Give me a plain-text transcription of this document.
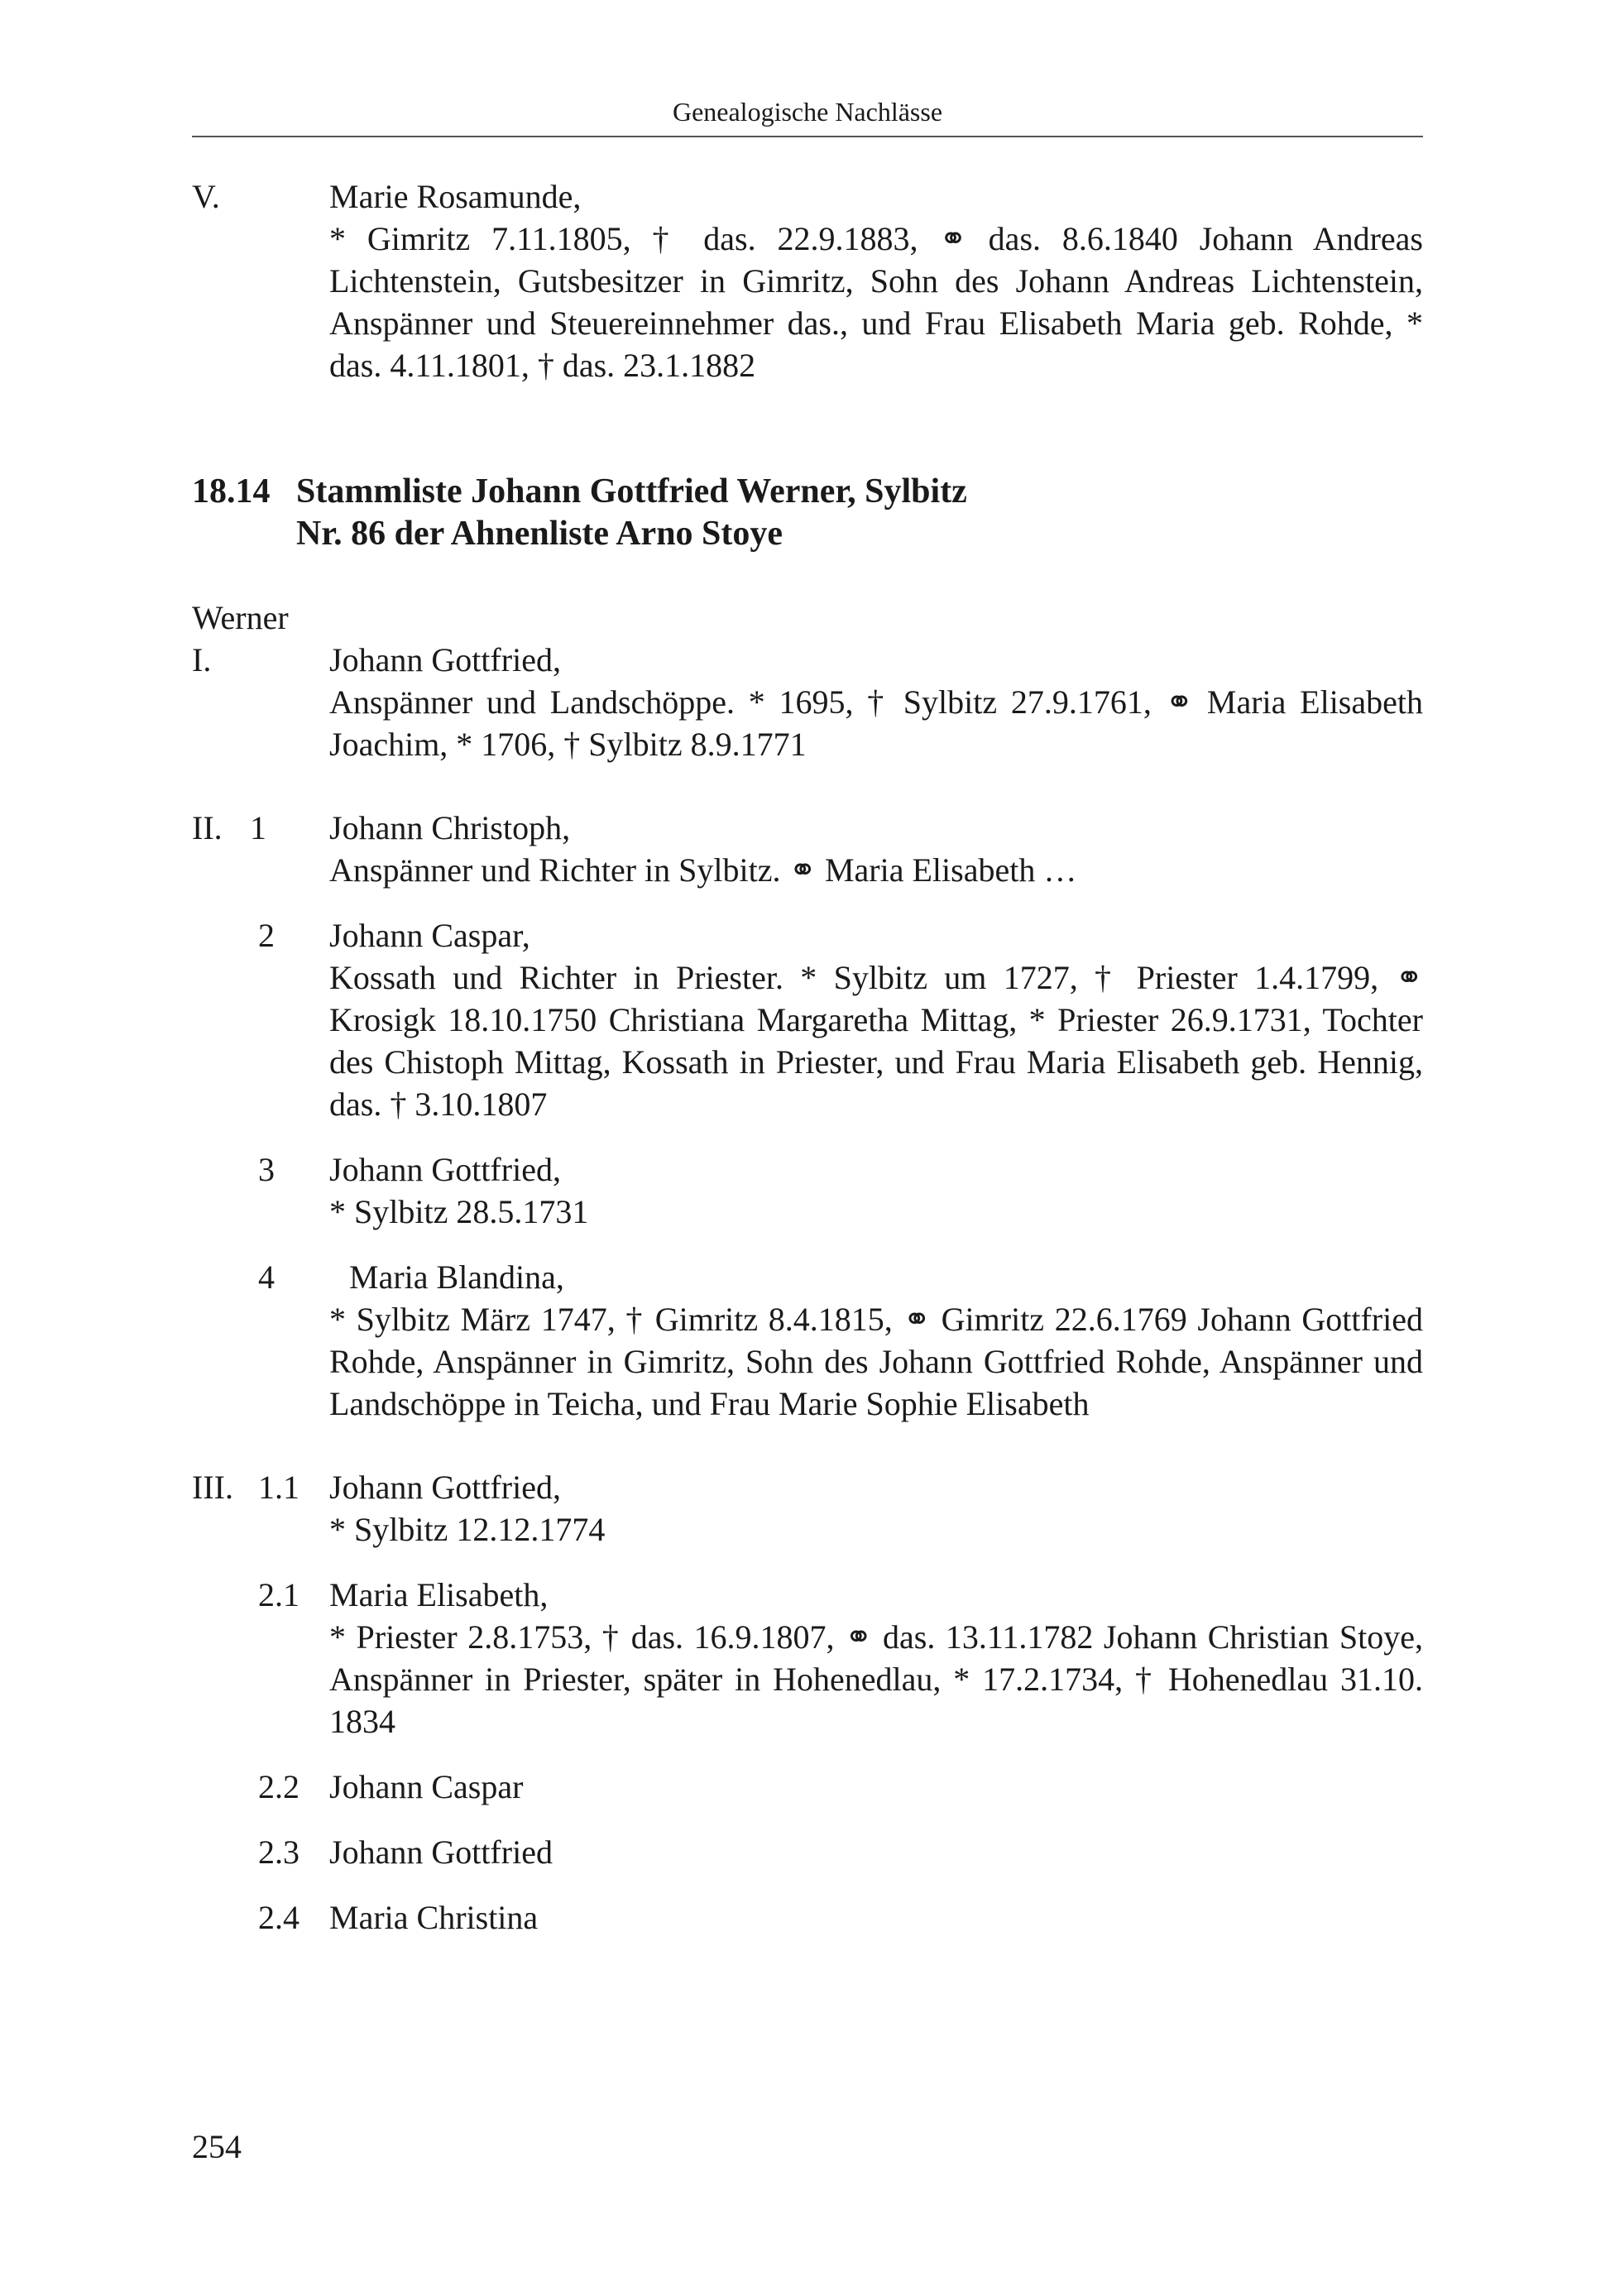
Genealogische Nachlässe
V.	Marie Rosamunde,
* Gimritz 7.11.1805, † das. 22.9.1883, ⚭ das. 8.6.1840 Johann Andreas Lichtenstein, Gutsbesitzer in Gimritz, Sohn des Johann Andreas Lichtenstein, Anspänner und Steuereinnehmer das., und Frau Elisabeth Maria geb. Rohde, * das. 4.11.1801, † das. 23.1.1882
18.14 Stammliste Johann Gottfried Werner, Sylbitz
Nr. 86 der Ahnenliste Arno Stoye
Werner
I.	Johann Gottfried,
Anspänner und Landschöppe. * 1695, † Sylbitz 27.9.1761, ⚭ Maria Elisabeth Joachim, * 1706, † Sylbitz 8.9.1771
II. 1 Johann Christoph,
Anspänner und Richter in Sylbitz. ⚭ Maria Elisabeth …
2 Johann Caspar,
Kossath und Richter in Priester. * Sylbitz um 1727, † Priester 1.4.1799, ⚭ Krosigk 18.10.1750 Christiana Margaretha Mittag, * Priester 26.9.1731, Tochter des Chistoph Mittag, Kossath in Priester, und Frau Maria Elisabeth geb. Hennig, das. † 3.10.1807
3 Johann Gottfried,
* Sylbitz 28.5.1731
4	Maria Blandina,
* Sylbitz März 1747, † Gimritz 8.4.1815, ⚭ Gimritz 22.6.1769 Johann Gottfried Rohde, Anspänner in Gimritz, Sohn des Johann Gottfried Rohde, Anspänner und Landschöppe in Teicha, und Frau Marie Sophie Elisabeth
III. 1.1 Johann Gottfried,
* Sylbitz 12.12.1774
2.1 Maria Elisabeth,
* Priester 2.8.1753, † das. 16.9.1807, ⚭ das. 13.11.1782 Johann Christian Stoye, Anspänner in Priester, später in Hohenedlau, * 17.2.1734, † Hohenedlau 31.10. 1834
2.2 Johann Caspar
2.3 Johann Gottfried
2.4 Maria Christina
254
